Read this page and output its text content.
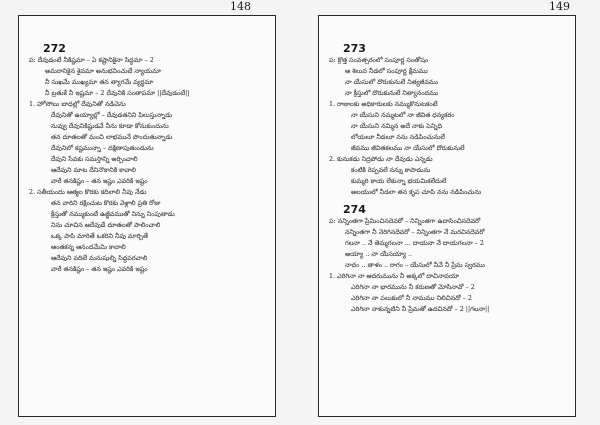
148	149
272
ప: దేవుడంటే నీకిష్టమా – ఏ కష్టానికైనా సిద్ధమా – 2
అమరానికైన శైవమా అనుభవించుటే న్యాయమా
నీ సుఖమే ముఖ్యమా తన త్యాగమే వ్యర్థమా
నీ బ్రతుకే నీ ఇష్టమా – 2 దేవునికి సంతాపమా ||దేవుడంటే||
1. హోసోబు బాధల్లో దేవునితో నడిచెను
దేవునితో ఉయ్యాల్లో – దేవుడతనిని పిలుస్తున్నాడు
నువ్వు దేవునికిష్టుడవే నీను కూడా కోనుకుందును
తన దూతలతో మంచి లాభమునే పొందుతున్నాడు
దేవునిలో కష్టమున్నా – దక్షిణాపుతుండును
దేవుని సేవకు సమస్తాన్ని అర్పించాలి
ఆదేవుని మాట దేనినొకానికి కావాలి
వారే తనకిష్టం – తన ఇష్టం ఎవరికి ఇష్టం
2. సతీయందు ఆత్మల కొరకు కదిలాలి నీవు నేడు
తన వారిని రక్షించుట కొరకు వెళ్లాలి ప్రతి రోజు
క్రీస్తుతో నమ్ముకుంటే ఉజ్జీవముతో నిన్ను నింపుతాడు
నిను చూచిన ఆదేవుడే దూతలతో పాలించాలి
ఒక్క పాపి మారితే ఒకరిని నీవు మార్చితే
ఆంతకన్న ఆనందమేమి కావాలి
ఆదేవుని వదిలే మనుషుల్ని సిద్ధపరచాలి
వారే తనకిష్టం – తన ఇష్టం ఎవరికి ఇష్టం
273
ప: క్రొత్త సంవత్సరంలో సంపూర్ణ సంతోషం
ఆ శిలువ నీడలో సంపూర్ణ క్షేమము
నా యేసులో దొరుకునులే నిత్యజీవము
నా క్రీస్తులో దొరుకునులే నిత్యానందము
1. రాజులకు అధికారులకు నమ్ముకొనుటకంటే
నా యేసుని నమ్మటలో నా జీవిత ధన్యకరం
నా యేసుని నమ్మిన అదే నాకు పెన్నిధి
లోయలూ నీడలూ నను నడిపించునులే
జీవము జీవితకలము నా యేసులో దొరుకునులే
2. కునుకడు నిద్రపోడు నా దేవుడు ఎన్నడు
కంటికి రెప్పవలే నన్ను కాపాడును
కుమ్మరి కాయ లేకున్నా భయమికలేదులే
అలయులో నీడలా తన కృప చూపి నను నడిపించును
274
ప: నన్నింతగా ప్రేమించినదెవరో – నిన్నింతగా ఉదాసించినదెవరో
నన్నింతగా నీ నెరిగినదెవరో – నిన్నింతగా నే మరచినదెవరో
గలనా .. నే తెమ్మగలనా ... దాయనా నే దాయగలనా – 2
అయ్యా .. నా యేసయ్యా ..
నాదం .. తాళం .. రాగం – యేసులో నీవే నీ ప్రేమ స్వరము
1. ఎరిగినా నా ఆదరుమును నీ అక్కలో దాచినావయా
ఎరిగినా నా భారమును నీ కరుణతో మోసినావో – 2
ఎరిగినా నా పలుకులో నీ నామము నిలిచినదో – 2
ఎరిగినా నాకున్నటిని నీ ప్రేమతో ఉదచినదో – 2 ||గలనా||
